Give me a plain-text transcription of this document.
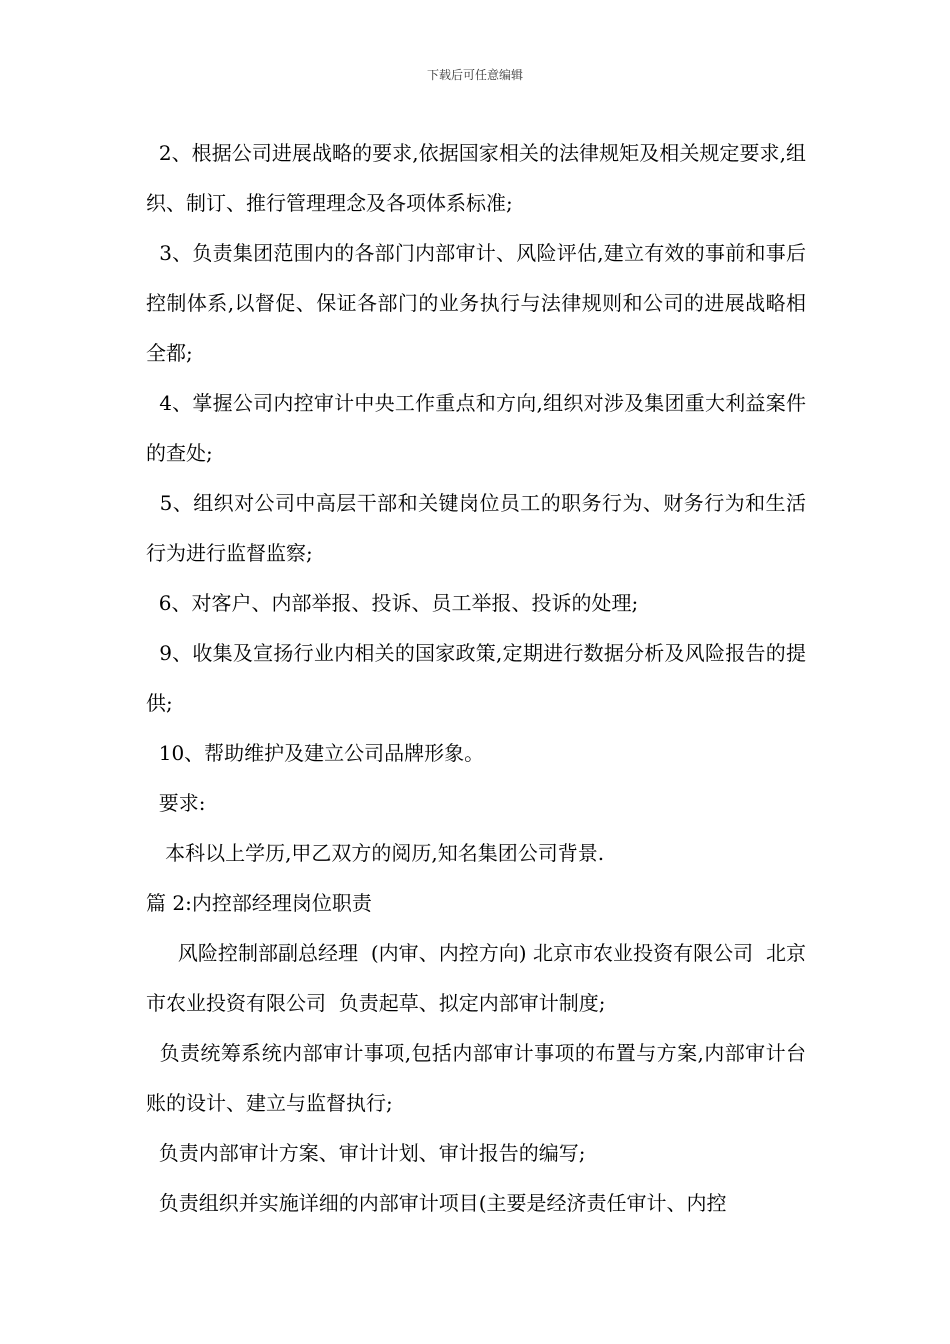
下载后可任意编辑

2、根据公司进展战略的要求,依据国家相关的法律规矩及相关规定要求,组织、制订、推行管理理念及各项体系标准;

3、负责集团范围内的各部门内部审计、风险评估,建立有效的事前和事后控制体系,以督促、保证各部门的业务执行与法律规则和公司的进展战略相全都;

4、掌握公司内控审计中央工作重点和方向,组织对涉及集团重大利益案件的查处;

5、组织对公司中高层干部和关键岗位员工的职务行为、财务行为和生活行为进行监督监察;

6、对客户、内部举报、投诉、员工举报、投诉的处理;

9、收集及宣扬行业内相关的国家政策,定期进行数据分析及风险报告的提供;

10、帮助维护及建立公司品牌形象。

要求:

本科以上学历,甲乙双方的阅历,知名集团公司背景.

篇 2:内控部经理岗位职责

风险控制部副总经理  (内审、内控方向) 北京市农业投资有限公司  北京市农业投资有限公司  负责起草、拟定内部审计制度;

负责统筹系统内部审计事项,包括内部审计事项的布置与方案,内部审计台账的设计、建立与监督执行;

负责内部审计方案、审计计划、审计报告的编写;

负责组织并实施详细的内部审计项目(主要是经济责任审计、内控
